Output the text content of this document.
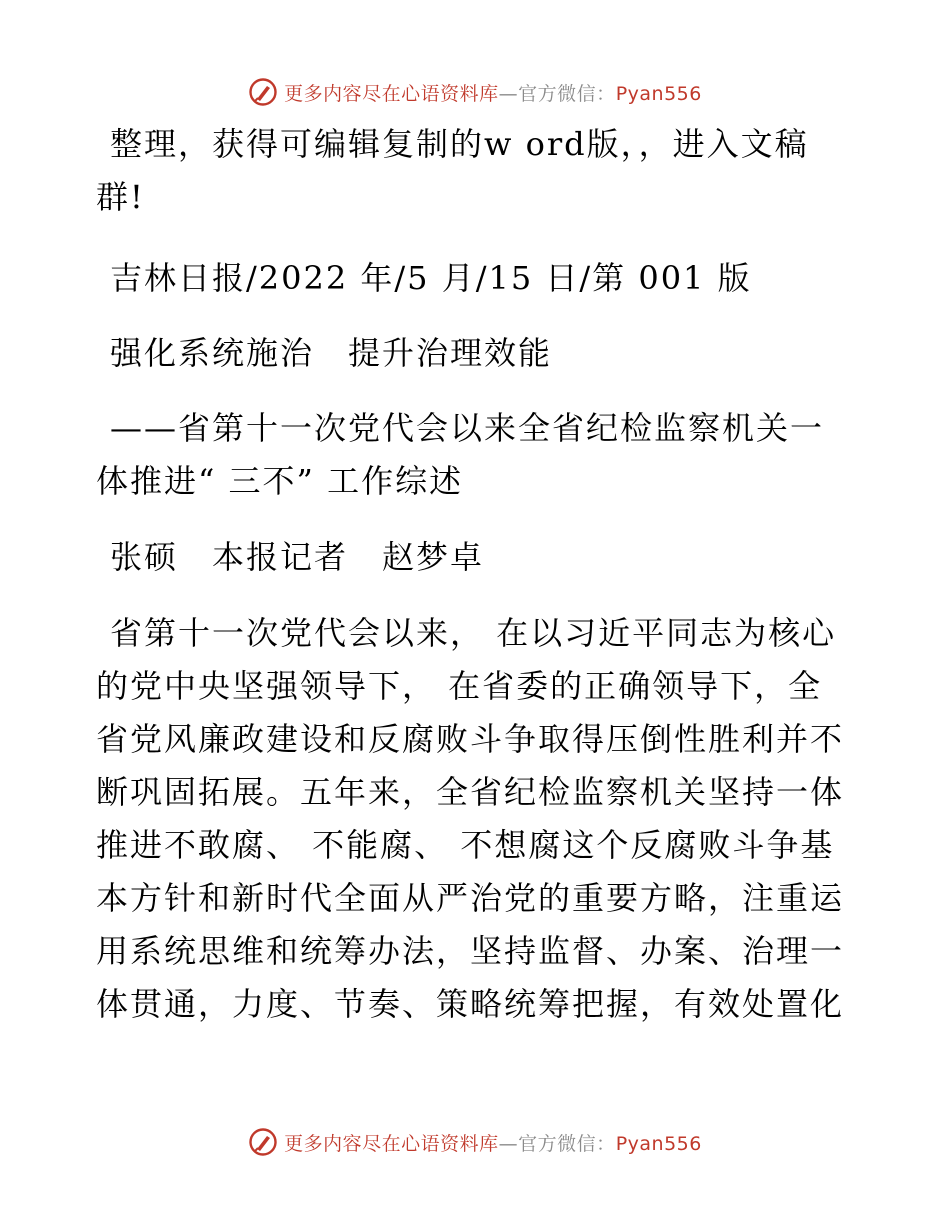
更多内容尽在心语资料库—官方微信：Pyan556
整理，获得可编辑复制的w ord版，，进入文稿群!
吉林日报/2022 年/5 月/15 日/第 001 版
强化系统施治　提升治理效能
——省第十一次党代会以来全省纪检监察机关一体推进“ 三不” 工作综述
张硕　本报记者　赵梦卓
省第十一次党代会以来， 在以习近平同志为核心的党中央坚强领导下， 在省委的正确领导下，全省党风廉政建设和反腐败斗争取得压倒性胜利并不断巩固拓展。五年来，全省纪检监察机关坚持一体推进不敢腐、 不能腐、 不想腐这个反腐败斗争基本方针和新时代全面从严治党的重要方略，注重运用系统思维和统筹办法，坚持监督、办案、治理一体贯通，力度、节奏、策略统筹把握，有效处置化
更多内容尽在心语资料库—官方微信：Pyan556
